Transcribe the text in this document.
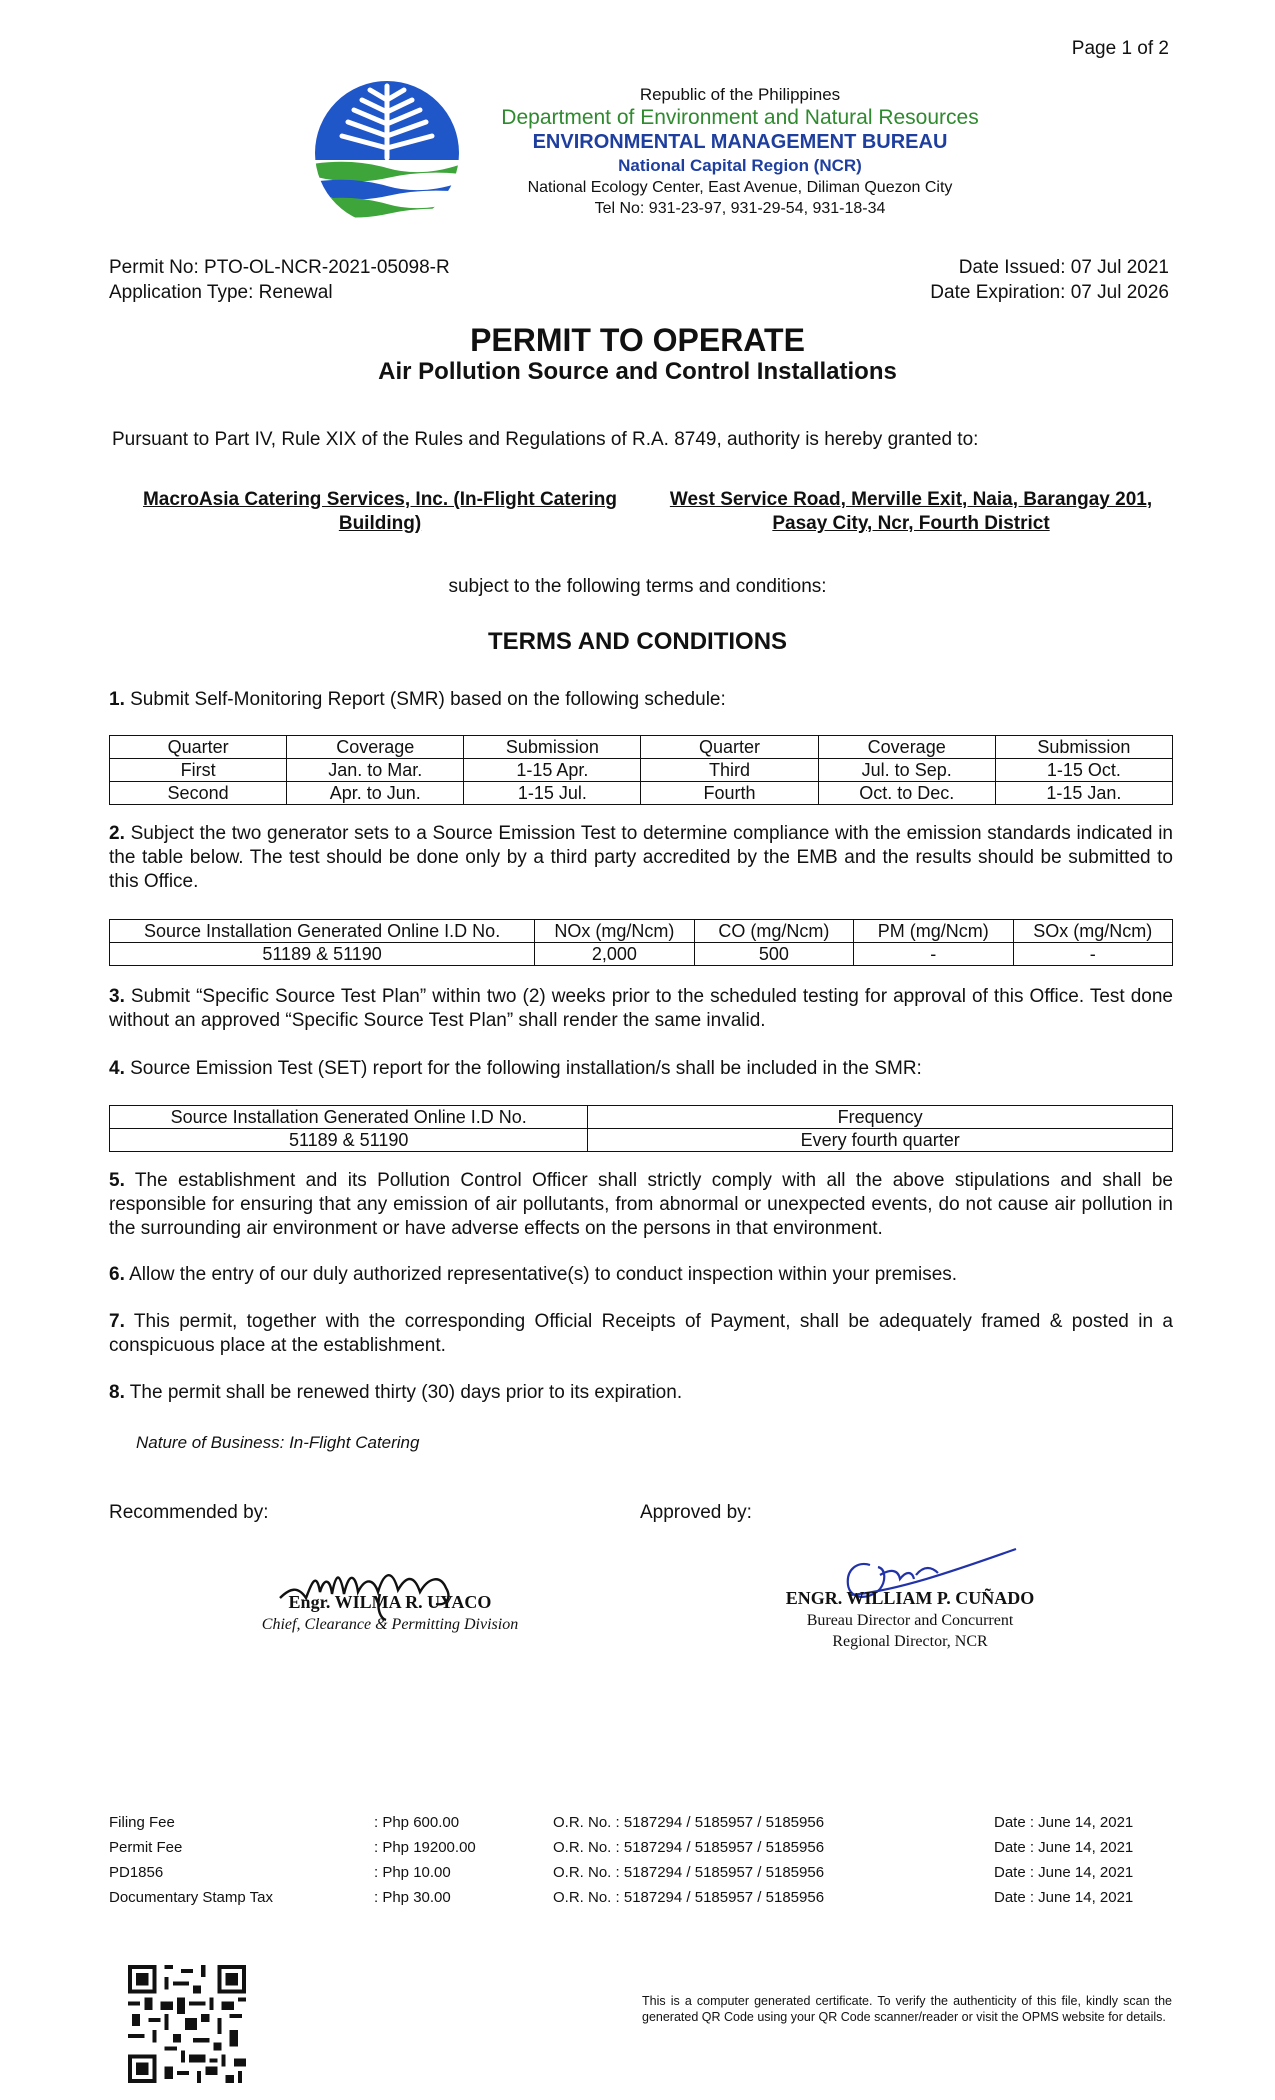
Page 1 of 2
Republic of the Philippines
Department of Environment and Natural Resources
ENVIRONMENTAL MANAGEMENT BUREAU
National Capital Region (NCR)
National Ecology Center, East Avenue, Diliman Quezon City
Tel No: 931-23-97, 931-29-54, 931-18-34
Permit No: PTO-OL-NCR-2021-05098-R
Application Type: Renewal
Date Issued: 07 Jul 2021
Date Expiration: 07 Jul 2026
PERMIT TO OPERATE
Air Pollution Source and Control Installations
Pursuant to Part IV, Rule XIX of the Rules and Regulations of R.A. 8749, authority is hereby granted to:
MacroAsia Catering Services, Inc. (In-Flight Catering Building)
West Service Road, Merville Exit, Naia, Barangay 201, Pasay City, Ncr, Fourth District
subject to the following terms and conditions:
TERMS AND CONDITIONS
1. Submit Self-Monitoring Report (SMR) based on the following schedule:
Quarter	Coverage	Submission	Quarter	Coverage	Submission
First	Jan. to Mar.	1-15 Apr.	Third	Jul. to Sep.	1-15 Oct.
Second	Apr. to Jun.	1-15 Jul.	Fourth	Oct. to Dec.	1-15 Jan.
2. Subject the two generator sets to a Source Emission Test to determine compliance with the emission standards indicated in the table below. The test should be done only by a third party accredited by the EMB and the results should be submitted to this Office.
Source Installation Generated Online I.D No.	NOx (mg/Ncm)	CO (mg/Ncm)	PM (mg/Ncm)	SOx (mg/Ncm)
51189 & 51190	2,000	500	-	-
3. Submit “Specific Source Test Plan” within two (2) weeks prior to the scheduled testing for approval of this Office. Test done without an approved “Specific Source Test Plan” shall render the same invalid.
4. Source Emission Test (SET) report for the following installation/s shall be included in the SMR:
Source Installation Generated Online I.D No.	Frequency
51189 & 51190	Every fourth quarter
5. The establishment and its Pollution Control Officer shall strictly comply with all the above stipulations and shall be responsible for ensuring that any emission of air pollutants, from abnormal or unexpected events, do not cause air pollution in the surrounding air environment or have adverse effects on the persons in that environment.
6. Allow the entry of our duly authorized representative(s) to conduct inspection within your premises.
7. This permit, together with the corresponding Official Receipts of Payment, shall be adequately framed & posted in a conspicuous place at the establishment.
8. The permit shall be renewed thirty (30) days prior to its expiration.
Nature of Business: In-Flight Catering
Recommended by:	Approved by:
Engr. WILMA R. UYACO
Chief, Clearance & Permitting Division
ENGR. WILLIAM P. CUÑADO
Bureau Director and Concurrent
Regional Director, NCR
Filing Fee	: Php 600.00	O.R. No. : 5187294 / 5185957 / 5185956	Date : June 14, 2021
Permit Fee	: Php 19200.00	O.R. No. : 5187294 / 5185957 / 5185956	Date : June 14, 2021
PD1856	: Php 10.00	O.R. No. : 5187294 / 5185957 / 5185956	Date : June 14, 2021
Documentary Stamp Tax	: Php 30.00	O.R. No. : 5187294 / 5185957 / 5185956	Date : June 14, 2021
This is a computer generated certificate. To verify the authenticity of this file, kindly scan the generated QR Code using your QR Code scanner/reader or visit the OPMS website for details.
